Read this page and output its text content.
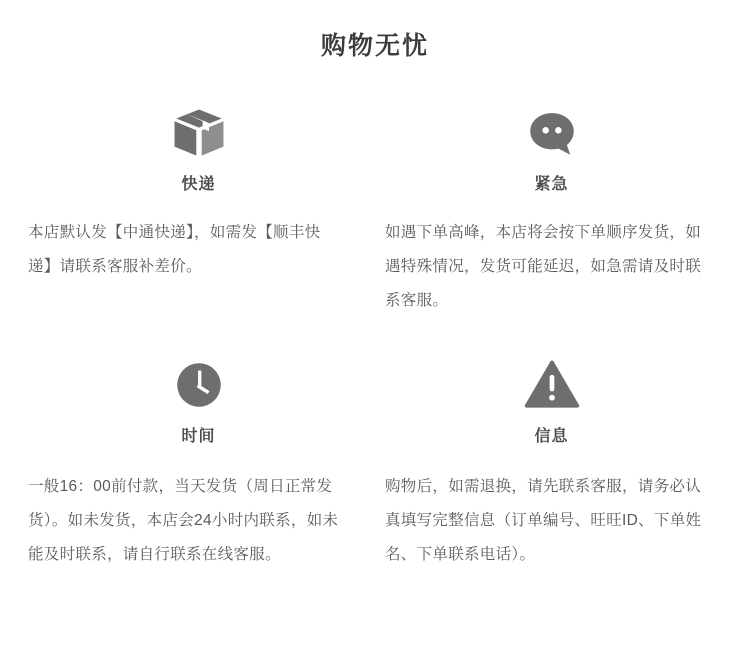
购物无忧
快递

本店默认发【中通快递】，如需发【顺丰快递】请联系客服补差价。

紧急

如遇下单高峰，本店将会按下单顺序发货，如遇特殊情况，发货可能延迟，如急需请及时联系客服。

时间

一般16：00前付款，当天发货（周日正常发货）。如未发货，本店会24小时内联系，如未能及时联系，请自行联系在线客服。

信息

购物后，如需退换，请先联系客服，请务必认真填写完整信息（订单编号、旺旺ID、下单姓名、下单联系电话）。
